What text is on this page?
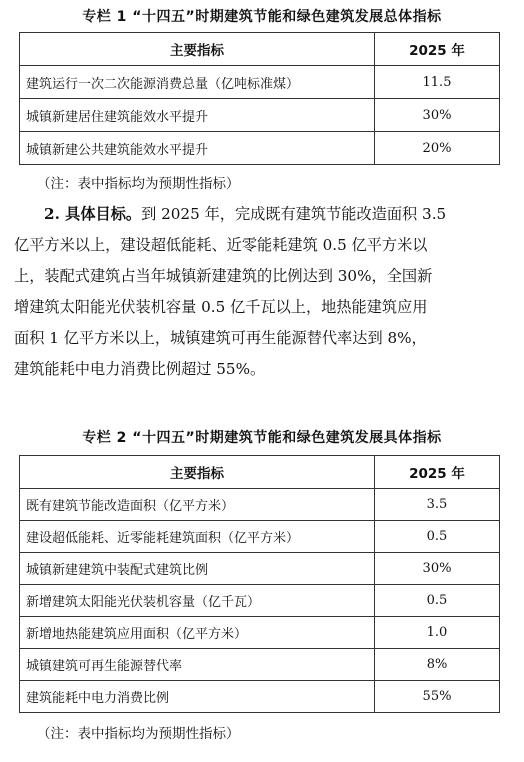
专栏 1 “十四五”时期建筑节能和绿色建筑发展总体指标
主要指标	2025 年
建筑运行一次二次能源消费总量（亿吨标准煤）	11.5
城镇新建居住建筑能效水平提升	30%
城镇新建公共建筑能效水平提升	20%
（注：表中指标均为预期性指标）
2. 具体目标。到 2025 年，完成既有建筑节能改造面积 3.5
亿平方米以上，建设超低能耗、近零能耗建筑 0.5 亿平方米以
上，装配式建筑占当年城镇新建建筑的比例达到 30%，全国新
增建筑太阳能光伏装机容量 0.5 亿千瓦以上，地热能建筑应用
面积 1 亿平方米以上，城镇建筑可再生能源替代率达到 8%，
建筑能耗中电力消费比例超过 55%。
专栏 2 “十四五”时期建筑节能和绿色建筑发展具体指标
主要指标	2025 年
既有建筑节能改造面积（亿平方米）	3.5
建设超低能耗、近零能耗建筑面积（亿平方米）	0.5
城镇新建建筑中装配式建筑比例	30%
新增建筑太阳能光伏装机容量（亿千瓦）	0.5
新增地热能建筑应用面积（亿平方米）	1.0
城镇建筑可再生能源替代率	8%
建筑能耗中电力消费比例	55%
（注：表中指标均为预期性指标）
